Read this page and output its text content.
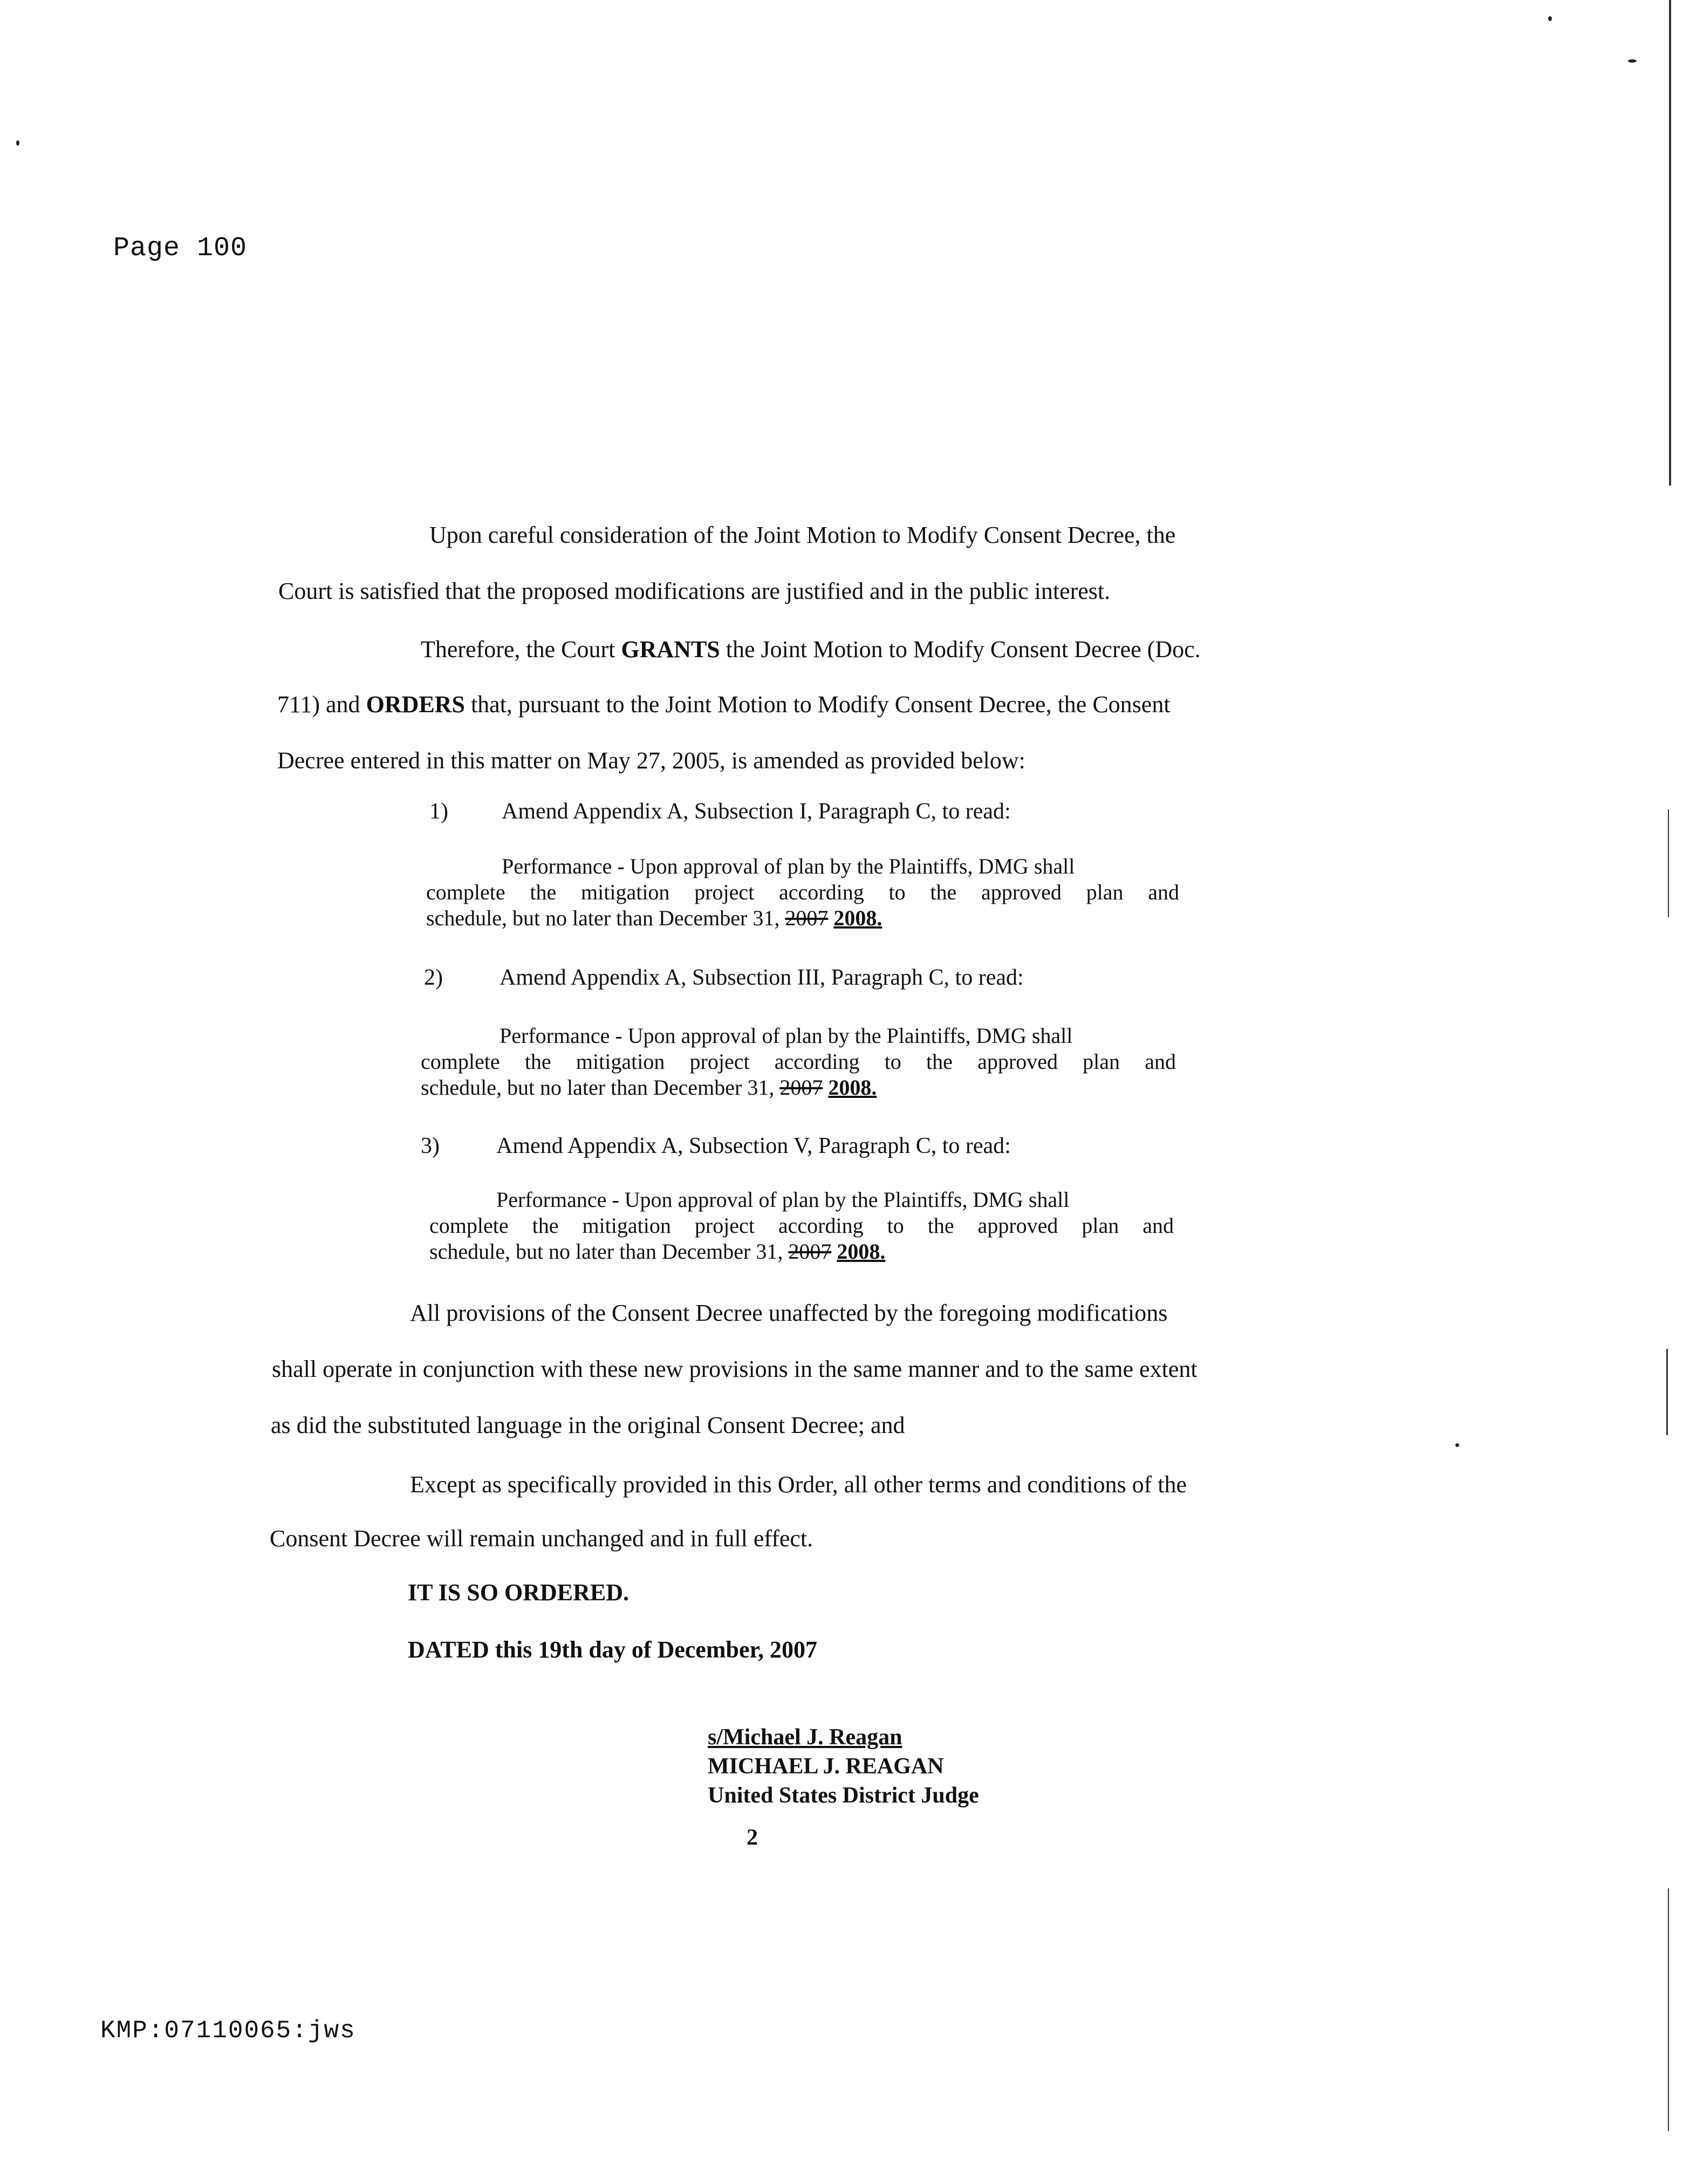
Page 100
Upon careful consideration of the Joint Motion to Modify Consent Decree, the
Court is satisfied that the proposed modifications are justified and in the public interest.
Therefore, the Court GRANTS the Joint Motion to Modify Consent Decree (Doc.
711) and ORDERS that, pursuant to the Joint Motion to Modify Consent Decree, the Consent
Decree entered in this matter on May 27, 2005, is amended as provided below:
1) Amend Appendix A, Subsection I, Paragraph C, to read:
Performance - Upon approval of plan by the Plaintiffs, DMG shall
complete the mitigation project according to the approved plan and
schedule, but no later than December 31, 2007 2008.
2)	Amend Appendix A, Subsection III, Paragraph C, to read:
Performance - Upon approval of plan by the Plaintiffs, DMG shall
complete the mitigation project according to the approved plan and
schedule, but no later than December 31, 2007 2008.
3)	Amend Appendix A, Subsection V, Paragraph C, to read:
Performance - Upon approval of plan by the Plaintiffs, DMG shall
complete the mitigation project according to the approved plan and
schedule, but no later than December 31, 2007 2008.
All provisions of the Consent Decree unaffected by the foregoing modifications
shall operate in conjunction with these new provisions in the same manner and to the same extent
as did the substituted language in the original Consent Decree; and
Except as specifically provided in this Order, all other terms and conditions of the
Consent Decree will remain unchanged and in full effect.
IT IS SO ORDERED.
DATED this 19th day of December, 2007
s/Michael J. Reagan
MICHAEL J. REAGAN
United States District Judge
2
KMP:07110065:jws
